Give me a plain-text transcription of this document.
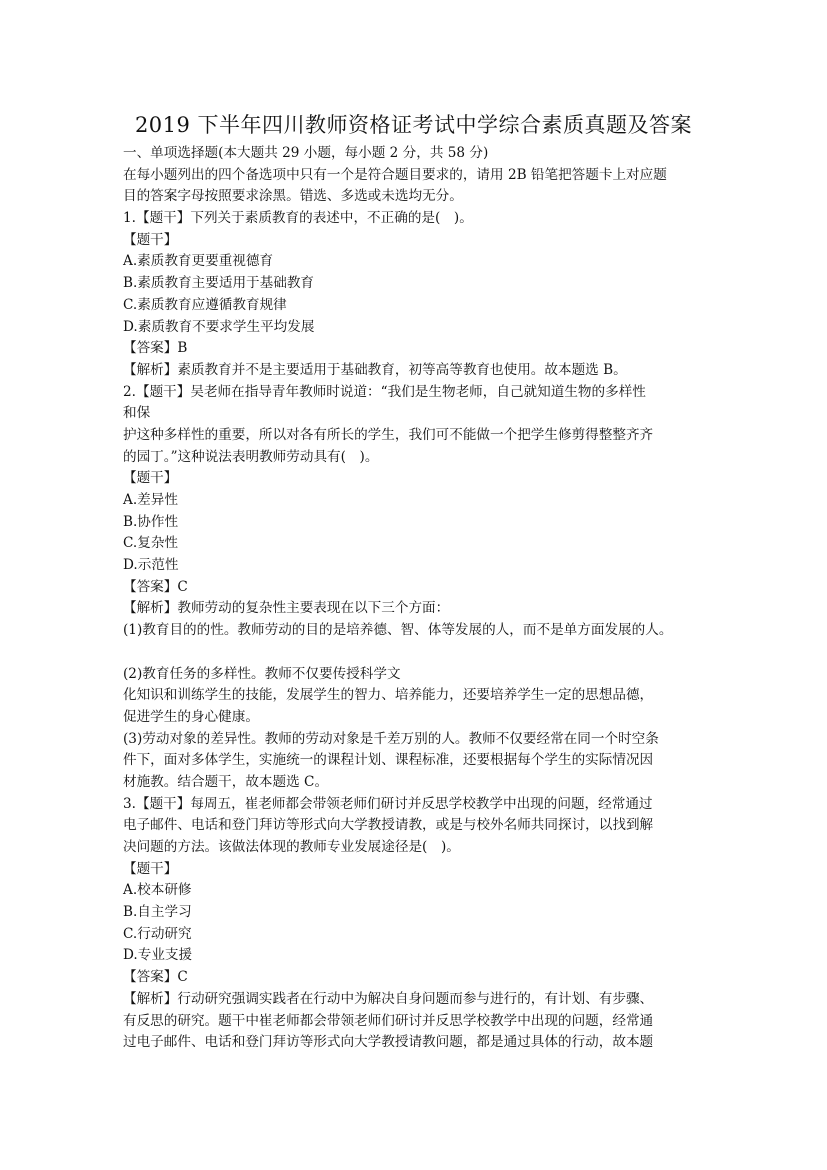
2019 下半年四川教师资格证考试中学综合素质真题及答案
一、单项选择题(本大题共 29 小题，每小题 2 分，共 58 分)
在每小题列出的四个备选项中只有一个是符合题目要求的，请用 2B 铅笔把答题卡上对应题
目的答案字母按照要求涂黑。错选、多选或未选均无分。
1.【题干】下列关于素质教育的表述中，不正确的是(　)。
【题干】
A.素质教育更要重视德育
B.素质教育主要适用于基础教育
C.素质教育应遵循教育规律
D.素质教育不要求学生平均发展
【答案】B
【解析】素质教育并不是主要适用于基础教育，初等高等教育也使用。故本题选 B。
2.【题干】吴老师在指导青年教师时说道：“我们是生物老师，自己就知道生物的多样性
和保
护这种多样性的重要，所以对各有所长的学生，我们可不能做一个把学生修剪得整整齐齐
的园丁。”这种说法表明教师劳动具有(　)。
【题干】
A.差异性
B.协作性
C.复杂性
D.示范性
【答案】C
【解析】教师劳动的复杂性主要表现在以下三个方面：
(1)教育目的的性。教师劳动的目的是培养德、智、体等发展的人，而不是单方面发展的人。
(2)教育任务的多样性。教师不仅要传授科学文
化知识和训练学生的技能，发展学生的智力、培养能力，还要培养学生一定的思想品德，
促进学生的身心健康。
(3)劳动对象的差异性。教师的劳动对象是千差万别的人。教师不仅要经常在同一个时空条
件下，面对多体学生，实施统一的课程计划、课程标准，还要根据每个学生的实际情况因
材施教。结合题干，故本题选 C。
3.【题干】每周五，崔老师都会带领老师们研讨并反思学校教学中出现的问题，经常通过
电子邮件、电话和登门拜访等形式向大学教授请教，或是与校外名师共同探讨，以找到解
决问题的方法。该做法体现的教师专业发展途径是(　)。
【题干】
A.校本研修
B.自主学习
C.行动研究
D.专业支援
【答案】C
【解析】行动研究强调实践者在行动中为解决自身问题而参与进行的，有计划、有步骤、
有反思的研究。题干中崔老师都会带领老师们研讨并反思学校教学中出现的问题，经常通
过电子邮件、电话和登门拜访等形式向大学教授请教问题，都是通过具体的行动，故本题
